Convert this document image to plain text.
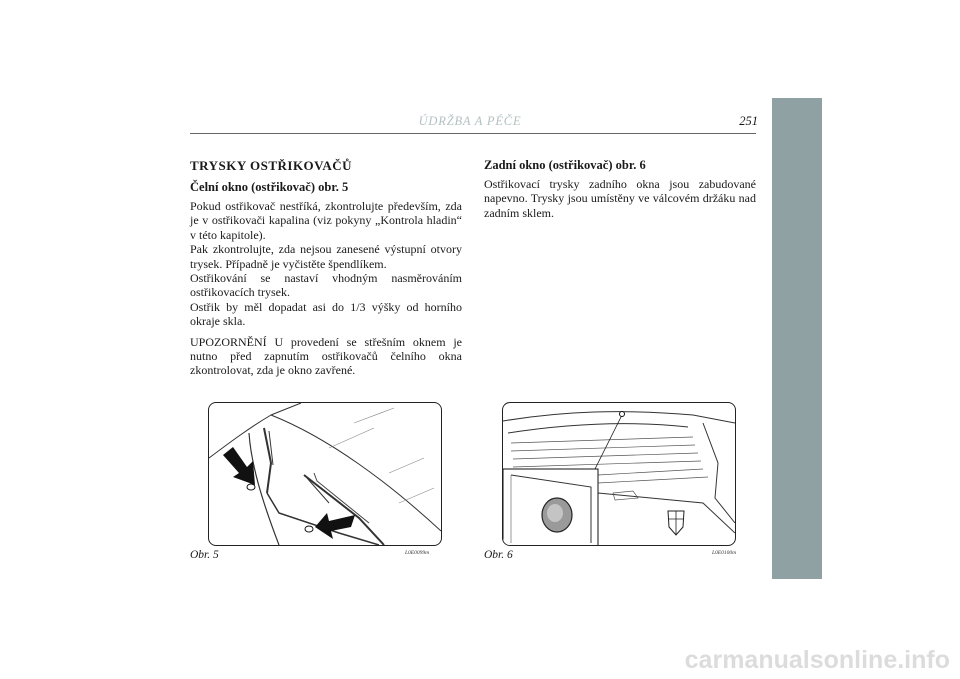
ÚDRŽBA A PÉČE	251
TRYSKY OSTŘIKOVAČŮ
Čelní okno (ostřikovač) obr. 5

Pokud ostřikovač nestříká, zkontrolujte především, zda je v ostřikovači kapalina (viz pokyny „Kontrola hladin“ v této kapitole).

Pak zkontrolujte, zda nejsou zanesené výstupní otvory trysek. Případně je vyčistěte špendlíkem.

Ostřikování se nastaví vhodným nasměrováním ostřikovacích trysek.

Ostřik by měl dopadat asi do 1/3 výšky od horního okraje skla.

UPOZORNĚNÍ U provedení se střešním oknem je nutno před zapnutím ostřikovačů čelního okna zkontrolovat, zda je okno zavřené.

Zadní okno (ostřikovač) obr. 6

Ostřikovací trysky zadního okna jsou zabudované napevno. Trysky jsou umístěny ve válcovém držáku nad zadním sklem.

Obr. 5	L0E0099m	Obr. 6	L0E0100m
carmanualsonline.info
